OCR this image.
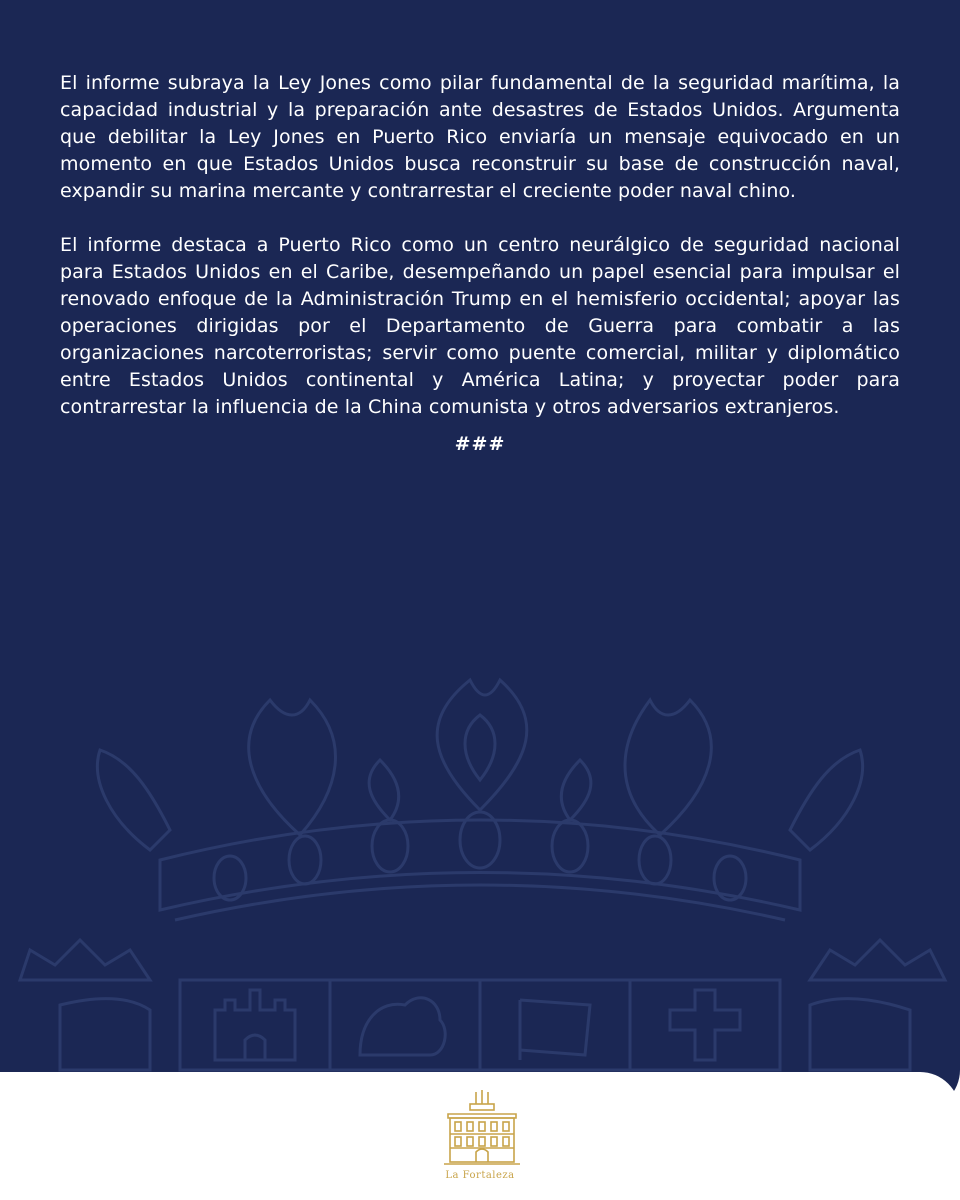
El informe subraya la Ley Jones como pilar fundamental de la seguridad marítima, la capacidad industrial y la preparación ante desastres de Estados Unidos. Argumenta que debilitar la Ley Jones en Puerto Rico enviaría un mensaje equivocado en un momento en que Estados Unidos busca reconstruir su base de construcción naval, expandir su marina mercante y contrarrestar el creciente poder naval chino.

El informe destaca a Puerto Rico como un centro neurálgico de seguridad nacional para Estados Unidos en el Caribe, desempeñando un papel esencial para impulsar el renovado enfoque de la Administración Trump en el hemisferio occidental; apoyar las operaciones dirigidas por el Departamento de Guerra para combatir a las organizaciones narcoterroristas; servir como puente comercial, militar y diplomático entre Estados Unidos continental y América Latina; y proyectar poder para contrarrestar la influencia de la China comunista y otros adversarios extranjeros.

###
La Fortaleza
